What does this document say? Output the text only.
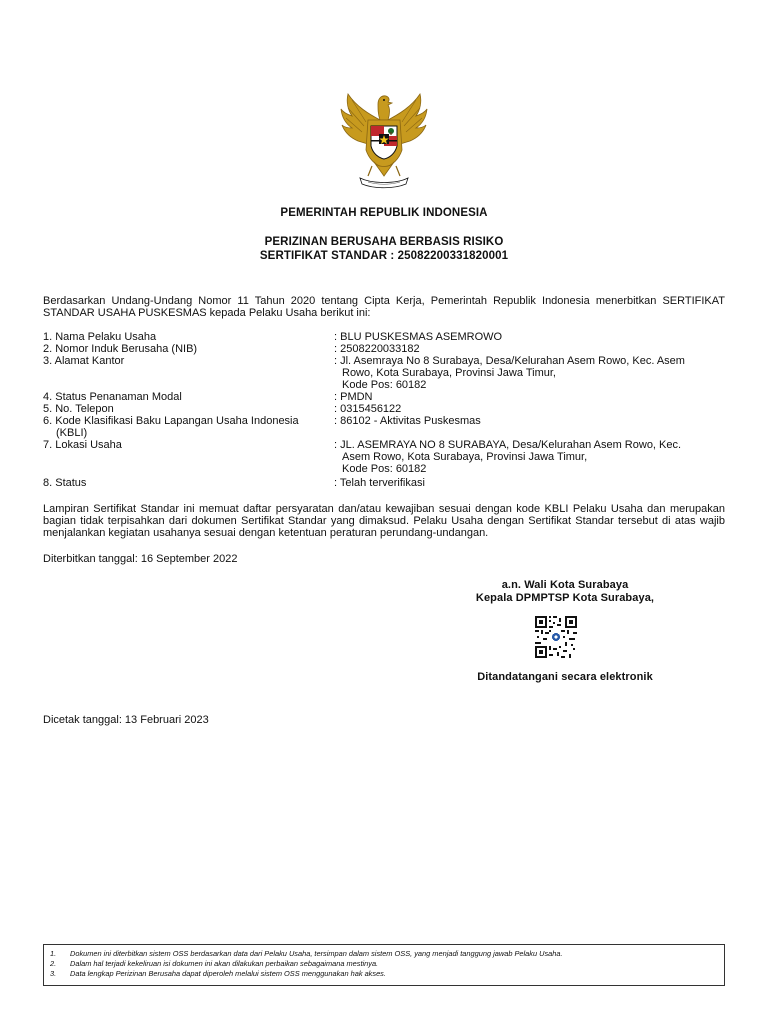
PEMERINTAH REPUBLIK INDONESIA
PERIZINAN BERUSAHA BERBASIS RISIKO
SERTIFIKAT STANDAR : 25082200331820001
Berdasarkan Undang-Undang Nomor 11 Tahun 2020 tentang Cipta Kerja, Pemerintah Republik Indonesia menerbitkan SERTIFIKAT STANDAR USAHA PUSKESMAS kepada Pelaku Usaha berikut ini:
1. Nama Pelaku Usaha	: BLU PUSKESMAS ASEMROWO
2. Nomor Induk Berusaha (NIB)	: 2508220033182
3. Alamat Kantor	: Jl. Asemraya No 8 Surabaya, Desa/Kelurahan Asem Rowo, Kec. Asem
Rowo, Kota Surabaya, Provinsi Jawa Timur,
Kode Pos: 60182
4. Status Penanaman Modal	: PMDN
5. No. Telepon	: 0315456122
6. Kode Klasifikasi Baku Lapangan Usaha Indonesia	: 86102 - Aktivitas Puskesmas
(KBLI)
7. Lokasi Usaha	: JL. ASEMRAYA NO 8 SURABAYA, Desa/Kelurahan Asem Rowo, Kec.
Asem Rowo, Kota Surabaya, Provinsi Jawa Timur,
Kode Pos: 60182
8. Status	: Telah terverifikasi
Lampiran Sertifikat Standar ini memuat daftar persyaratan dan/atau kewajiban sesuai dengan kode KBLI Pelaku Usaha dan merupakan bagian tidak terpisahkan dari dokumen Sertifikat Standar yang dimaksud. Pelaku Usaha dengan Sertifikat Standar tersebut di atas wajib menjalankan kegiatan usahanya sesuai dengan ketentuan peraturan perundang-undangan.
Diterbitkan tanggal: 16 September 2022
a.n. Wali Kota Surabaya
Kepala DPMPTSP Kota Surabaya,
Ditandatangani secara elektronik
Dicetak tanggal: 13 Februari 2023
1. Dokumen ini diterbitkan sistem OSS berdasarkan data dari Pelaku Usaha, tersimpan dalam sistem OSS, yang menjadi tanggung jawab Pelaku Usaha.
2. Dalam hal terjadi kekeliruan isi dokumen ini akan dilakukan perbaikan sebagaimana mestinya.
3. Data lengkap Perizinan Berusaha dapat diperoleh melalui sistem OSS menggunakan hak akses.
